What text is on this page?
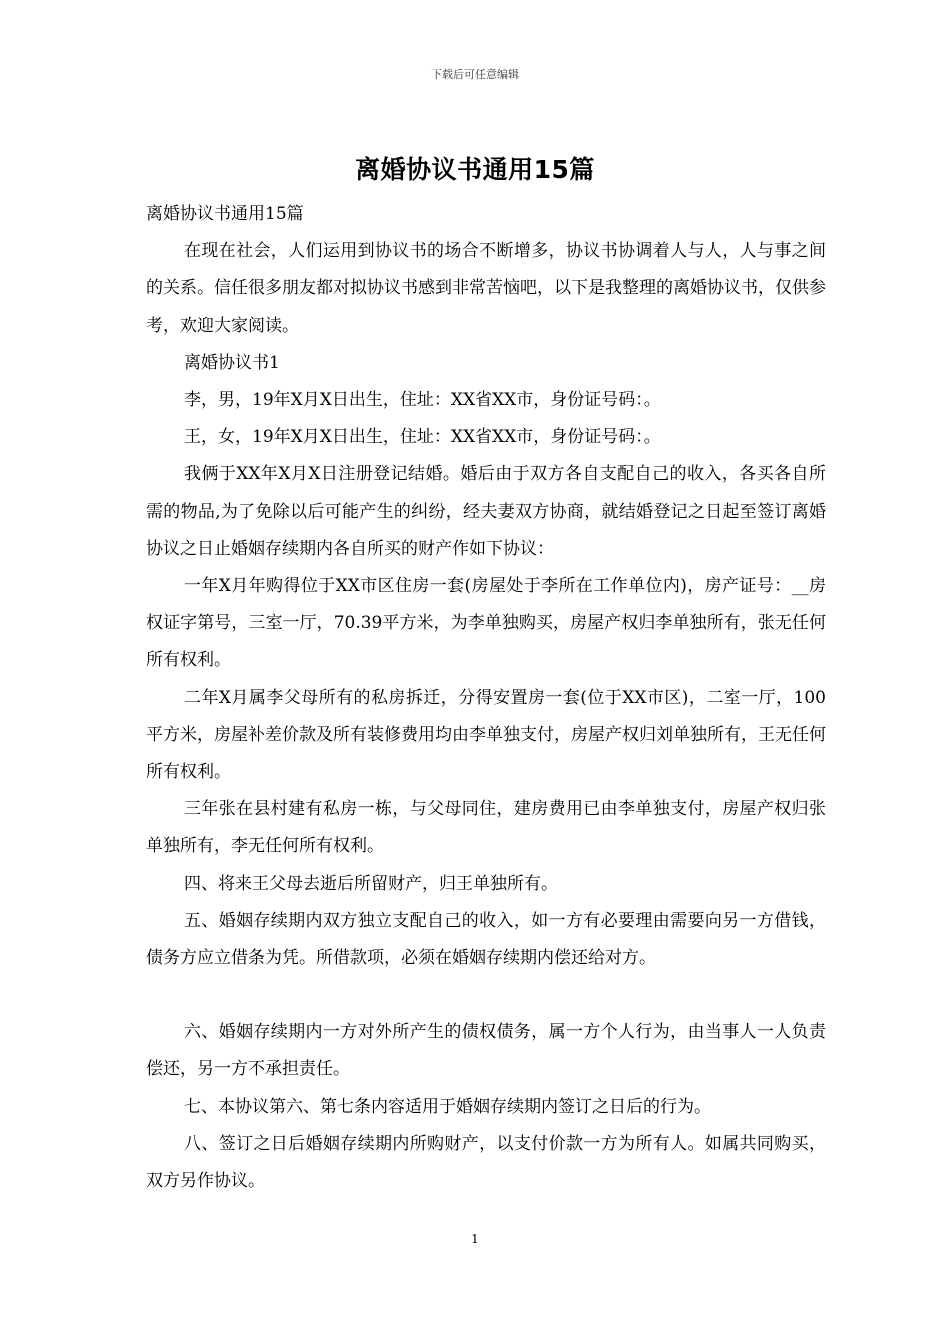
下载后可任意编辑
离婚协议书通用15篇

离婚协议书通用15篇

在现在社会，人们运用到协议书的场合不断增多，协议书协调着人与人，人与事之间的关系。信任很多朋友都对拟协议书感到非常苦恼吧，以下是我整理的离婚协议书，仅供参考，欢迎大家阅读。

离婚协议书1

李，男，19年X月X日出生，住址：XX省XX市，身份证号码：。

王，女，19年X月X日出生，住址：XX省XX市，身份证号码：。

我俩于XX年X月X日注册登记结婚。婚后由于双方各自支配自己的收入，各买各自所需的物品,为了免除以后可能产生的纠纷，经夫妻双方协商，就结婚登记之日起至签订离婚协议之日止婚姻存续期内各自所买的财产作如下协议：

一年X月年购得位于XX市区住房一套(房屋处于李所在工作单位内)，房产证号：__房权证字第号，三室一厅，70.39平方米，为李单独购买，房屋产权归李单独所有，张无任何所有权利。

二年X月属李父母所有的私房拆迁，分得安置房一套(位于XX市区)，二室一厅，100平方米，房屋补差价款及所有装修费用均由李单独支付，房屋产权归刘单独所有，王无任何所有权利。

三年张在县村建有私房一栋，与父母同住，建房费用已由李单独支付，房屋产权归张单独所有，李无任何所有权利。

四、将来王父母去逝后所留财产，归王单独所有。

五、婚姻存续期内双方独立支配自己的收入，如一方有必要理由需要向另一方借钱，债务方应立借条为凭。所借款项，必须在婚姻存续期内偿还给对方。

六、婚姻存续期内一方对外所产生的债权债务，属一方个人行为，由当事人一人负责偿还，另一方不承担责任。

七、本协议第六、第七条内容适用于婚姻存续期内签订之日后的行为。

八、签订之日后婚姻存续期内所购财产，以支付价款一方为所有人。如属共同购买，双方另作协议。

1
